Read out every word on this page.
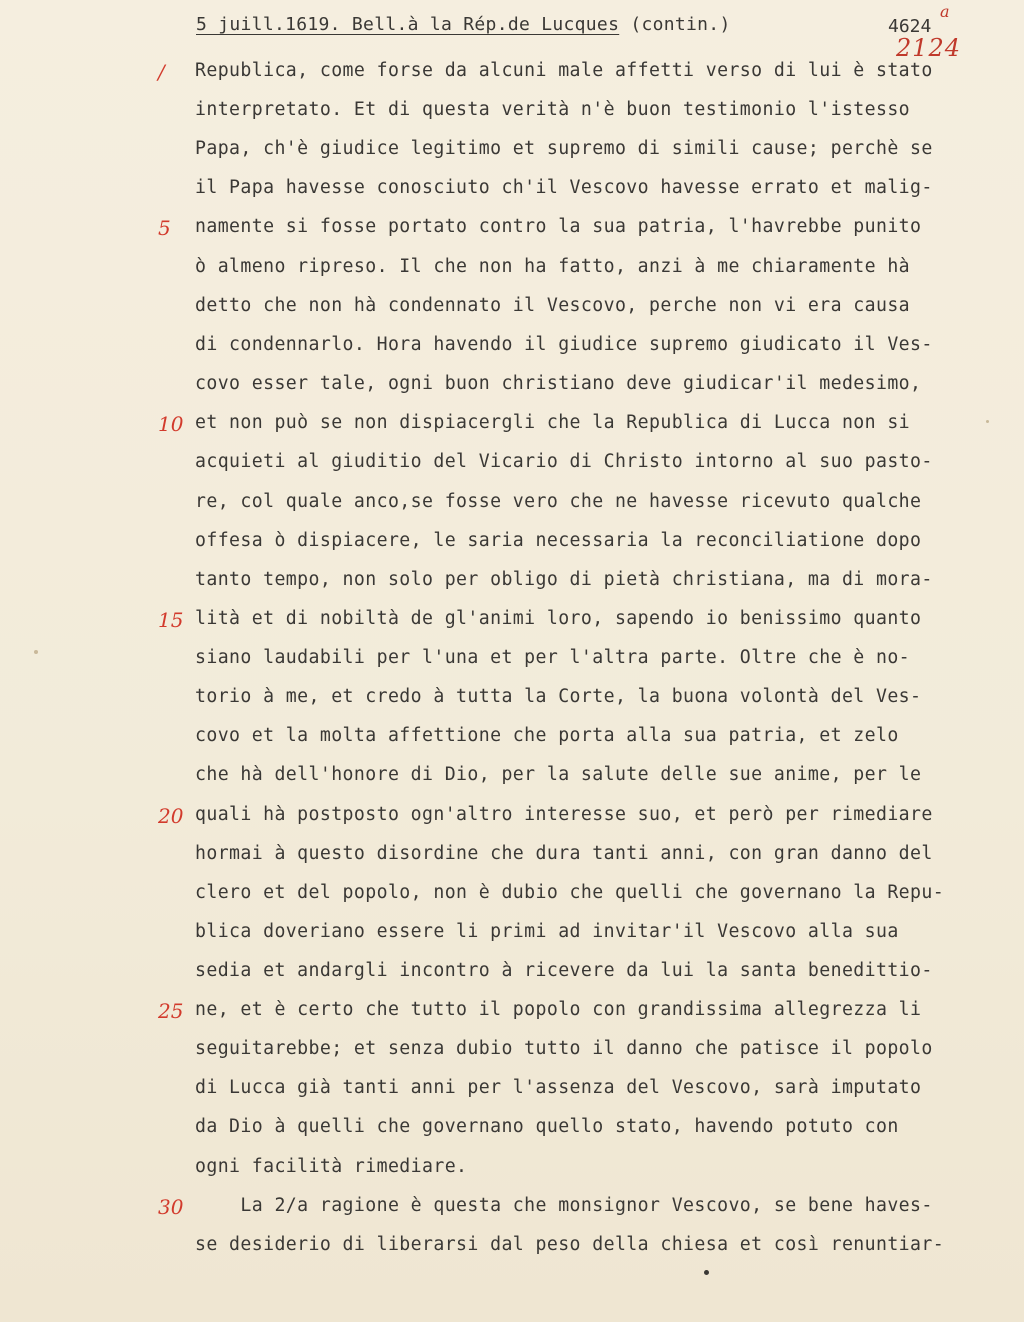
5 juill.1619. Bell.à la Rép.de Lucques (contin.)	4624
a
2124
/
5
10
15
20
25
30
Republica, come forse da alcuni male affetti verso di lui è stato
interpretato. Et di questa verità n'è buon testimonio l'istesso
Papa, ch'è giudice legitimo et supremo di simili cause; perchè se
il Papa havesse conosciuto ch'il Vescovo havesse errato et malig-
namente si fosse portato contro la sua patria, l'havrebbe punito
ò almeno ripreso. Il che non ha fatto, anzi à me chiaramente hà
detto che non hà condennato il Vescovo, perche non vi era causa
di condennarlo. Hora havendo il giudice supremo giudicato il Ves-
covo esser tale, ogni buon christiano deve giudicar'il medesimo,
et non può se non dispiacergli che la Republica di Lucca non si
acquieti al giuditio del Vicario di Christo intorno al suo pasto-
re, col quale anco,se fosse vero che ne havesse ricevuto qualche
offesa ò dispiacere, le saria necessaria la reconciliatione dopo
tanto tempo, non solo per obligo di pietà christiana, ma di mora-
lità et di nobiltà de gl'animi loro, sapendo io benissimo quanto
siano laudabili per l'una et per l'altra parte. Oltre che è no-
torio à me, et credo à tutta la Corte, la buona volontà del Ves-
covo et la molta affettione che porta alla sua patria, et zelo
che hà dell'honore di Dio, per la salute delle sue anime, per le
quali hà postposto ogn'altro interesse suo, et però per rimediare
hormai à questo disordine che dura tanti anni, con gran danno del
clero et del popolo, non è dubio che quelli che governano la Repu-
blica doveriano essere li primi ad invitar'il Vescovo alla sua
sedia et andargli incontro à ricevere da lui la santa benedittio-
ne, et è certo che tutto il popolo con grandissima allegrezza li
seguitarebbe; et senza dubio tutto il danno che patisce il popolo
di Lucca già tanti anni per l'assenza del Vescovo, sarà imputato
da Dio à quelli che governano quello stato, havendo potuto con
ogni facilità rimediare.
La 2/a ragione è questa che monsignor Vescovo, se bene haves-
se desiderio di liberarsi dal peso della chiesa et così renuntiar-
